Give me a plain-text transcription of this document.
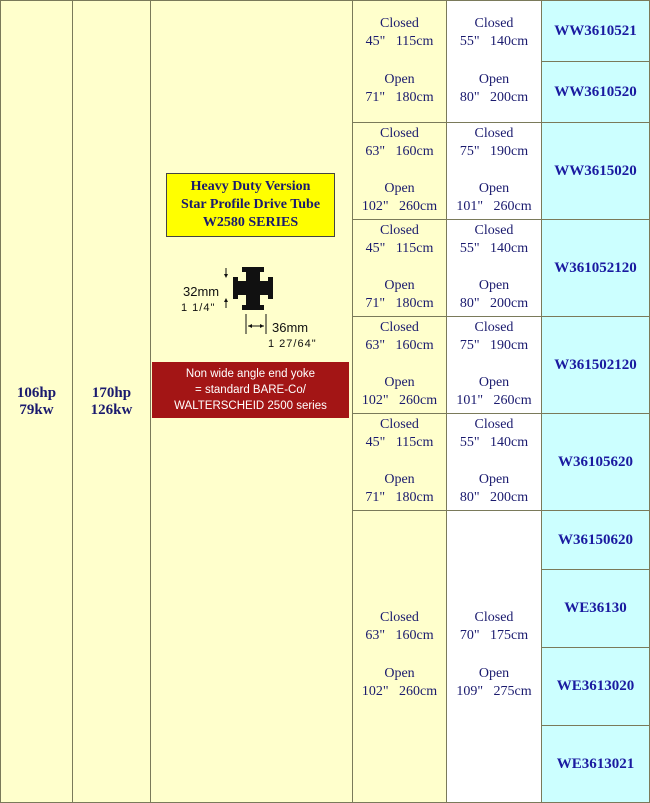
106hp
79kw
170hp
126kw
Heavy Duty Version
Star Profile Drive Tube
W2580 SERIES
32mm
1 1/4"
36mm
1 27/64"
Non wide angle end yoke
= standard BARE-Co/
WALTERSCHEID 2500 series
Closed
45" 115cm
Open
71" 180cm
Closed
55" 140cm
Open
80" 200cm
WW3610521
WW3610520
Closed
63" 160cm
Open
102" 260cm
Closed
75" 190cm
Open
101" 260cm
WW3615020
Closed
45" 115cm
Open
71" 180cm
Closed
55" 140cm
Open
80" 200cm
W361052120
Closed
63" 160cm
Open
102" 260cm
Closed
75" 190cm
Open
101" 260cm
W361502120
Closed
45" 115cm
Open
71" 180cm
Closed
55" 140cm
Open
80" 200cm
W36105620
Closed
63" 160cm
Open
102" 260cm
Closed
70" 175cm
Open
109" 275cm
W36150620
WE36130
WE3613020
WE3613021
